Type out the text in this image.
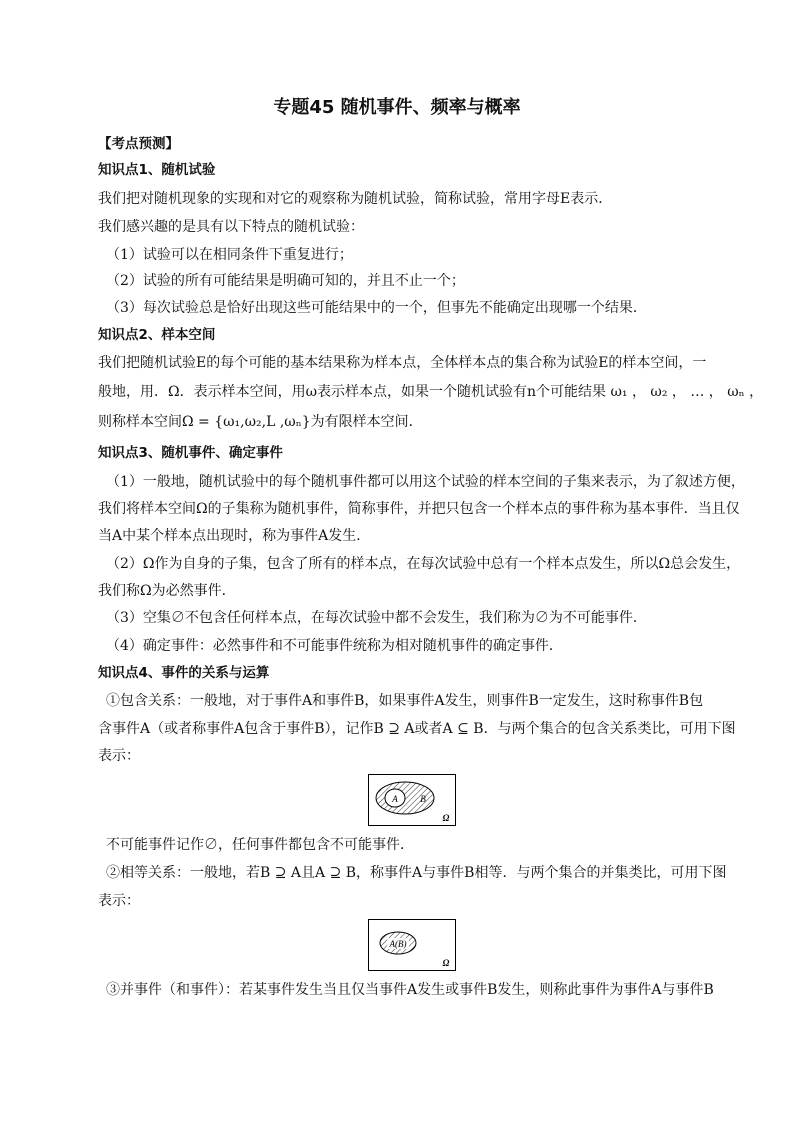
专题45 随机事件、频率与概率
【考点预测】
知识点1、随机试验
我们把对随机现象的实现和对它的观察称为随机试验，简称试验，常用字母E表示．
我们感兴趣的是具有以下特点的随机试验：
（1）试验可以在相同条件下重复进行；
（2）试验的所有可能结果是明确可知的，并且不止一个；
（3）每次试验总是恰好出现这些可能结果中的一个，但事先不能确定出现哪一个结果．
知识点2、样本空间
我们把随机试验E的每个可能的基本结果称为样本点，全体样本点的集合称为试验E的样本空间，一
般地，用．Ω．表示样本空间，用ω表示样本点，如果一个随机试验有n个可能结果 ω₁ ， ω₂ ， … ， ωₙ ，
则称样本空间Ω = {ω₁,ω₂,L ,ωₙ}为有限样本空间．
知识点3、随机事件、确定事件
（1）一般地，随机试验中的每个随机事件都可以用这个试验的样本空间的子集来表示，为了叙述方便，
我们将样本空间Ω的子集称为随机事件，简称事件，并把只包含一个样本点的事件称为基本事件．当且仅
当A中某个样本点出现时，称为事件A发生．
（2）Ω作为自身的子集，包含了所有的样本点，在每次试验中总有一个样本点发生，所以Ω总会发生，
我们称Ω为必然事件．
（3）空集∅不包含任何样本点，在每次试验中都不会发生，我们称为∅为不可能事件．
（4）确定事件：必然事件和不可能事件统称为相对随机事件的确定事件．
知识点4、事件的关系与运算
①包含关系：一般地，对于事件A和事件B，如果事件A发生，则事件B一定发生，这时称事件B包
含事件A（或者称事件A包含于事件B），记作B ⊇ A或者A ⊆ B．与两个集合的包含关系类比，可用下图
表示：
A	B
Ω
不可能事件记作∅，任何事件都包含不可能事件．
②相等关系：一般地，若B ⊇ A且A ⊇ B，称事件A与事件B相等．与两个集合的并集类比，可用下图
表示：
A(B)
Ω
③并事件（和事件）：若某事件发生当且仅当事件A发生或事件B发生，则称此事件为事件A与事件B
